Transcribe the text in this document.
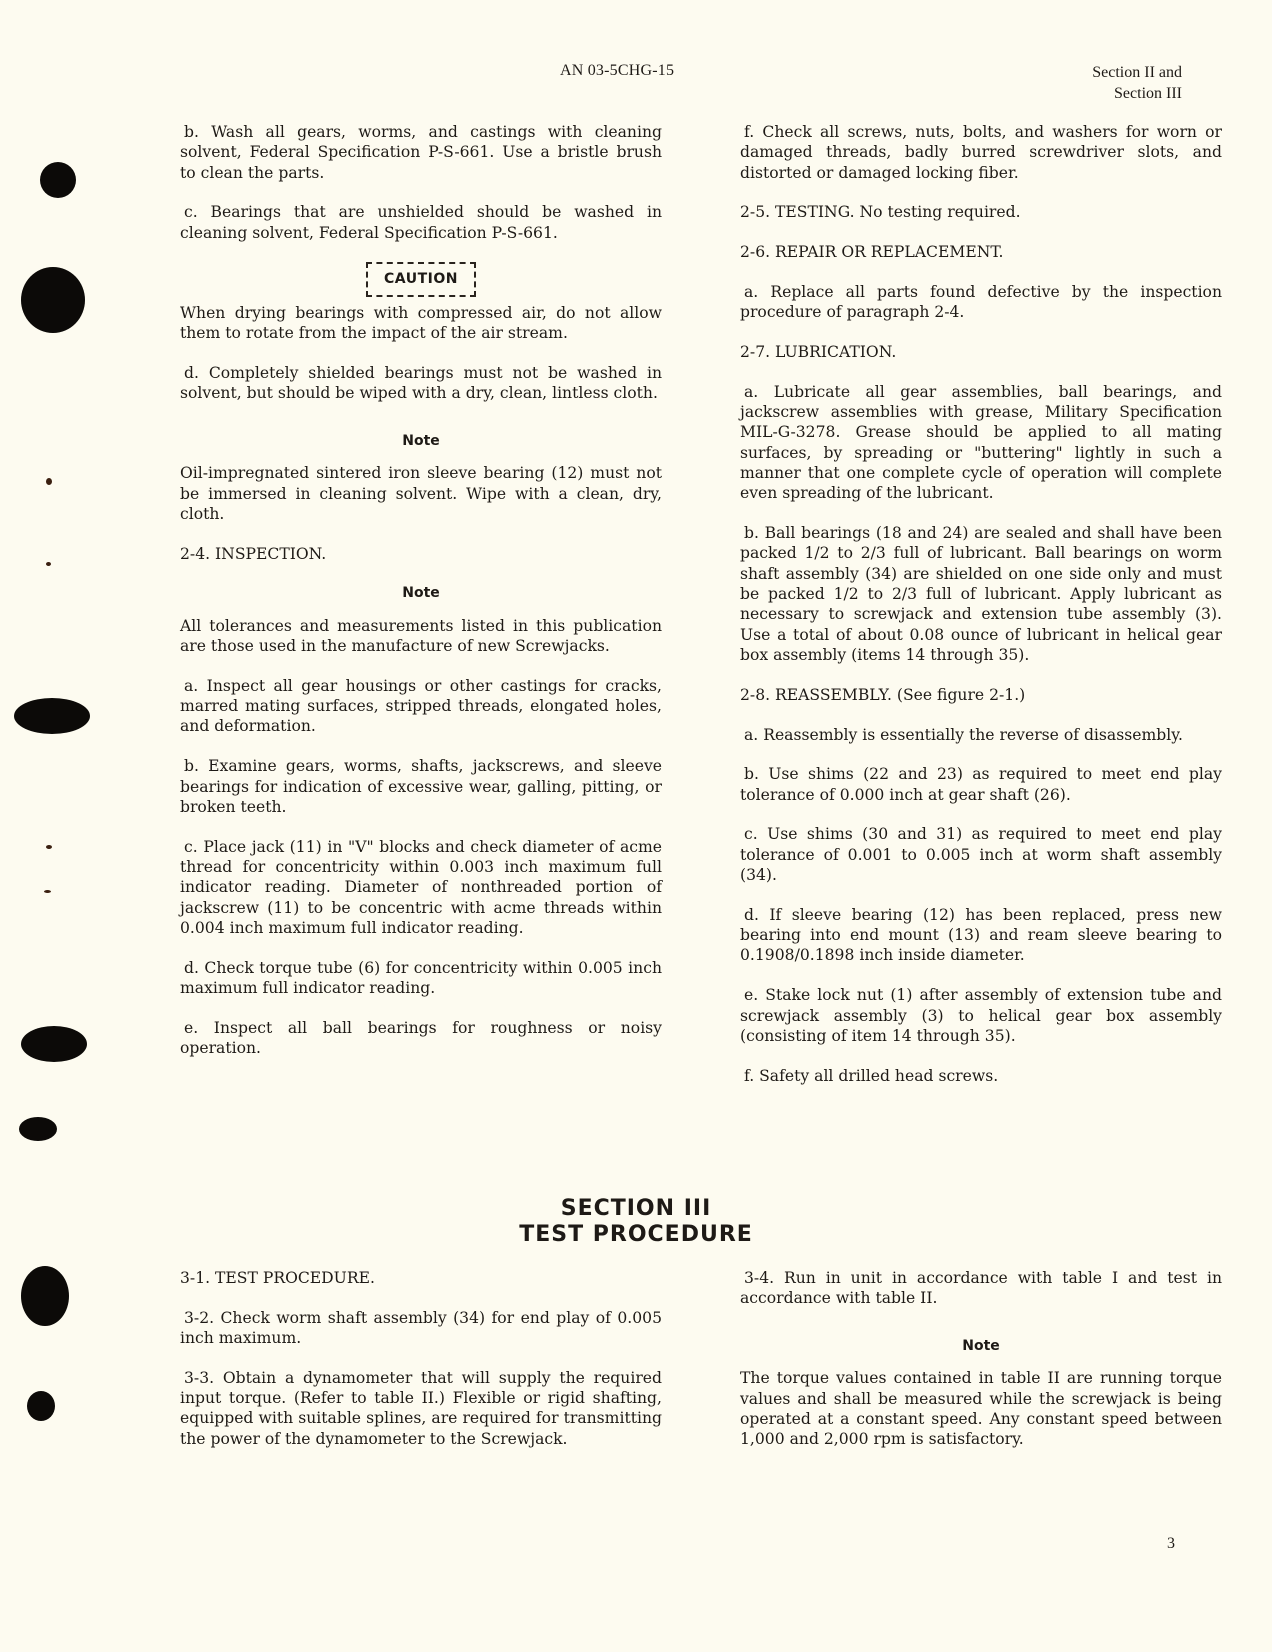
AN 03-5CHG-15	Section II and
Section III

b. Wash all gears, worms, and castings with cleaning solvent, Federal Specification P-S-661. Use a bristle brush to clean the parts.

c. Bearings that are unshielded should be washed in cleaning solvent, Federal Specification P-S-661.

CAUTION

When drying bearings with compressed air, do not allow them to rotate from the impact of the air stream.

d. Completely shielded bearings must not be washed in solvent, but should be wiped with a dry, clean, lintless cloth.

Note

Oil-impregnated sintered iron sleeve bearing (12) must not be immersed in cleaning solvent. Wipe with a clean, dry, cloth.

2-4. INSPECTION.

Note

All tolerances and measurements listed in this publication are those used in the manufacture of new Screwjacks.

a. Inspect all gear housings or other castings for cracks, marred mating surfaces, stripped threads, elongated holes, and deformation.

b. Examine gears, worms, shafts, jackscrews, and sleeve bearings for indication of excessive wear, galling, pitting, or broken teeth.

c. Place jack (11) in "V" blocks and check diameter of acme thread for concentricity within 0.003 inch maximum full indicator reading. Diameter of nonthreaded portion of jackscrew (11) to be concentric with acme threads within 0.004 inch maximum full indicator reading.

d. Check torque tube (6) for concentricity within 0.005 inch maximum full indicator reading.

e. Inspect all ball bearings for roughness or noisy operation.

f. Check all screws, nuts, bolts, and washers for worn or damaged threads, badly burred screwdriver slots, and distorted or damaged locking fiber.

2-5. TESTING. No testing required.

2-6. REPAIR OR REPLACEMENT.

a. Replace all parts found defective by the inspection procedure of paragraph 2-4.

2-7. LUBRICATION.

a. Lubricate all gear assemblies, ball bearings, and jackscrew assemblies with grease, Military Specification MIL-G-3278. Grease should be applied to all mating surfaces, by spreading or "buttering" lightly in such a manner that one complete cycle of operation will complete even spreading of the lubricant.

b. Ball bearings (18 and 24) are sealed and shall have been packed 1/2 to 2/3 full of lubricant. Ball bearings on worm shaft assembly (34) are shielded on one side only and must be packed 1/2 to 2/3 full of lubricant. Apply lubricant as necessary to screwjack and extension tube assembly (3). Use a total of about 0.08 ounce of lubricant in helical gear box assembly (items 14 through 35).

2-8. REASSEMBLY. (See figure 2-1.)

a. Reassembly is essentially the reverse of disassembly.

b. Use shims (22 and 23) as required to meet end play tolerance of 0.000 inch at gear shaft (26).

c. Use shims (30 and 31) as required to meet end play tolerance of 0.001 to 0.005 inch at worm shaft assembly (34).

d. If sleeve bearing (12) has been replaced, press new bearing into end mount (13) and ream sleeve bearing to 0.1908/0.1898 inch inside diameter.

e. Stake lock nut (1) after assembly of extension tube and screwjack assembly (3) to helical gear box assembly (consisting of item 14 through 35).

f. Safety all drilled head screws.

SECTION III
TEST PROCEDURE

3-1. TEST PROCEDURE.

3-2. Check worm shaft assembly (34) for end play of 0.005 inch maximum.

3-3. Obtain a dynamometer that will supply the required input torque. (Refer to table II.) Flexible or rigid shafting, equipped with suitable splines, are required for transmitting the power of the dynamometer to the Screwjack.

3-4. Run in unit in accordance with table I and test in accordance with table II.

Note

The torque values contained in table II are running torque values and shall be measured while the screwjack is being operated at a constant speed. Any constant speed between 1,000 and 2,000 rpm is satisfactory.

3
